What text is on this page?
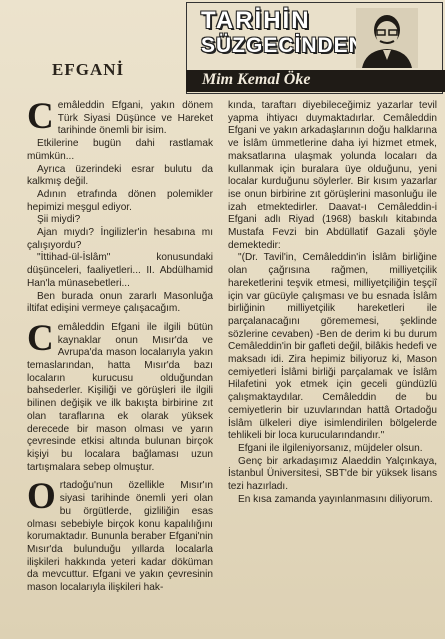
TARİHİN
SÜZGECİNDEN
Mim Kemal Öke
EFGANİ

Cemâleddin Efgani, yakın dönem Türk Siyasi Düşünce ve Hareket tarihinde önemli bir isim.

Etkilerine bugün dahi rastlamak mümkün...

Ayrıca üzerindeki esrar bulutu da kalkmış değil.

Adının etrafında dönen polemikler hepimizi meşgul ediyor.

Şii miydi?

Ajan mıydı? İngilizler'in hesabına mı çalışıyordu?

"İttihad-ül-İslâm" konusundaki düşünceleri, faaliyetleri... II. Abdülhamid Han'la münasebetleri...

Ben burada onun zararlı Masonluğa iltifat edişini vermeye çalışacağım.

Cemâleddin Efgani ile ilgili bütün kaynaklar onun Mısır'da ve Avrupa'da mason localarıyla yakın temaslarından, hatta Mısır'da bazı locaların kurucusu olduğundan bahsederler. Kişiliği ve görüşleri ile ilgili bilinen değişik ve ilk bakışta birbirine zıt olan taraflarına ek olarak yüksek derecede bir mason olması ve yarın çevresinde etkisi altında bulunan birçok kişiyi bu localara bağlaması uzun tartışmalara sebep olmuştur.

Ortadoğu'nun özellikle Mısır'ın siyasi tarihinde önemli yeri olan bu örgütlerde, gizliliğin esas olması sebebiyle birçok konu kapalılığını korumaktadır. Bununla beraber Efgani'nin Mısır'da bulunduğu yıllarda localarla ilişkileri hakkında yeteri kadar döküman da mevcuttur. Efgani ve yakın çevresinin mason localarıyla ilişkileri hak-

kında, taraftarı diyebileceğimiz yazarlar tevil yapma ihtiyacı duymaktadırlar. Cemâleddin Efgani ve yakın arkadaşlarının doğu halklarına ve İslâm ümmetlerine daha iyi hizmet etmek, maksatlarına ulaşmak yolunda locaları da kullanmak için buralara üye olduğunu, yeni localar kurduğunu söylerler. Bir kısım yazarlar ise onun birbirine zıt görüşlerini masonluğu ile izah etmektedirler. Daavat-ı Cemâleddin-i Efgani adlı Riyad (1968) baskılı kitabında Mustafa Fevzi bin Abdüllatif Gazali şöyle demektedir:

"(Dr. Tavil'in, Cemâleddin'in İslâm birliğine olan çağrısına rağmen, milliyetçilik hareketlerini teşvik etmesi, milliyetçiliğin teşçiî için var gücüyle çalışması ve bu esnada İslâm birliğinin milliyetçilik hareketleri ile parçalanacağını görememesi, şeklinde sözlerine cevaben) -Ben de derim ki bu durum Cemâleddin'in bir gafleti değil, bilâkis hedefi ve maksadı idi. Zira hepimiz biliyoruz ki, Mason cemiyetleri İslâmi birliği parçalamak ve İslâm Hilafetini yok etmek için geceli gündüzlü çalışmaktaydılar. Cemâleddin de bu cemiyetlerin bir uzuvlarından hattâ Ortadoğu İslâm ülkeleri diye isimlendirilen bölgelerde tehlikeli bir loca kurucularındandır."

Efgani ile ilgileniyorsanız, müjdeler olsun.

Genç bir arkadaşımız Alaeddin Yalçınkaya, İstanbul Üniversitesi, SBT'de bir yüksek lisans tezi hazırladı.

En kısa zamanda yayınlanmasını diliyorum.
